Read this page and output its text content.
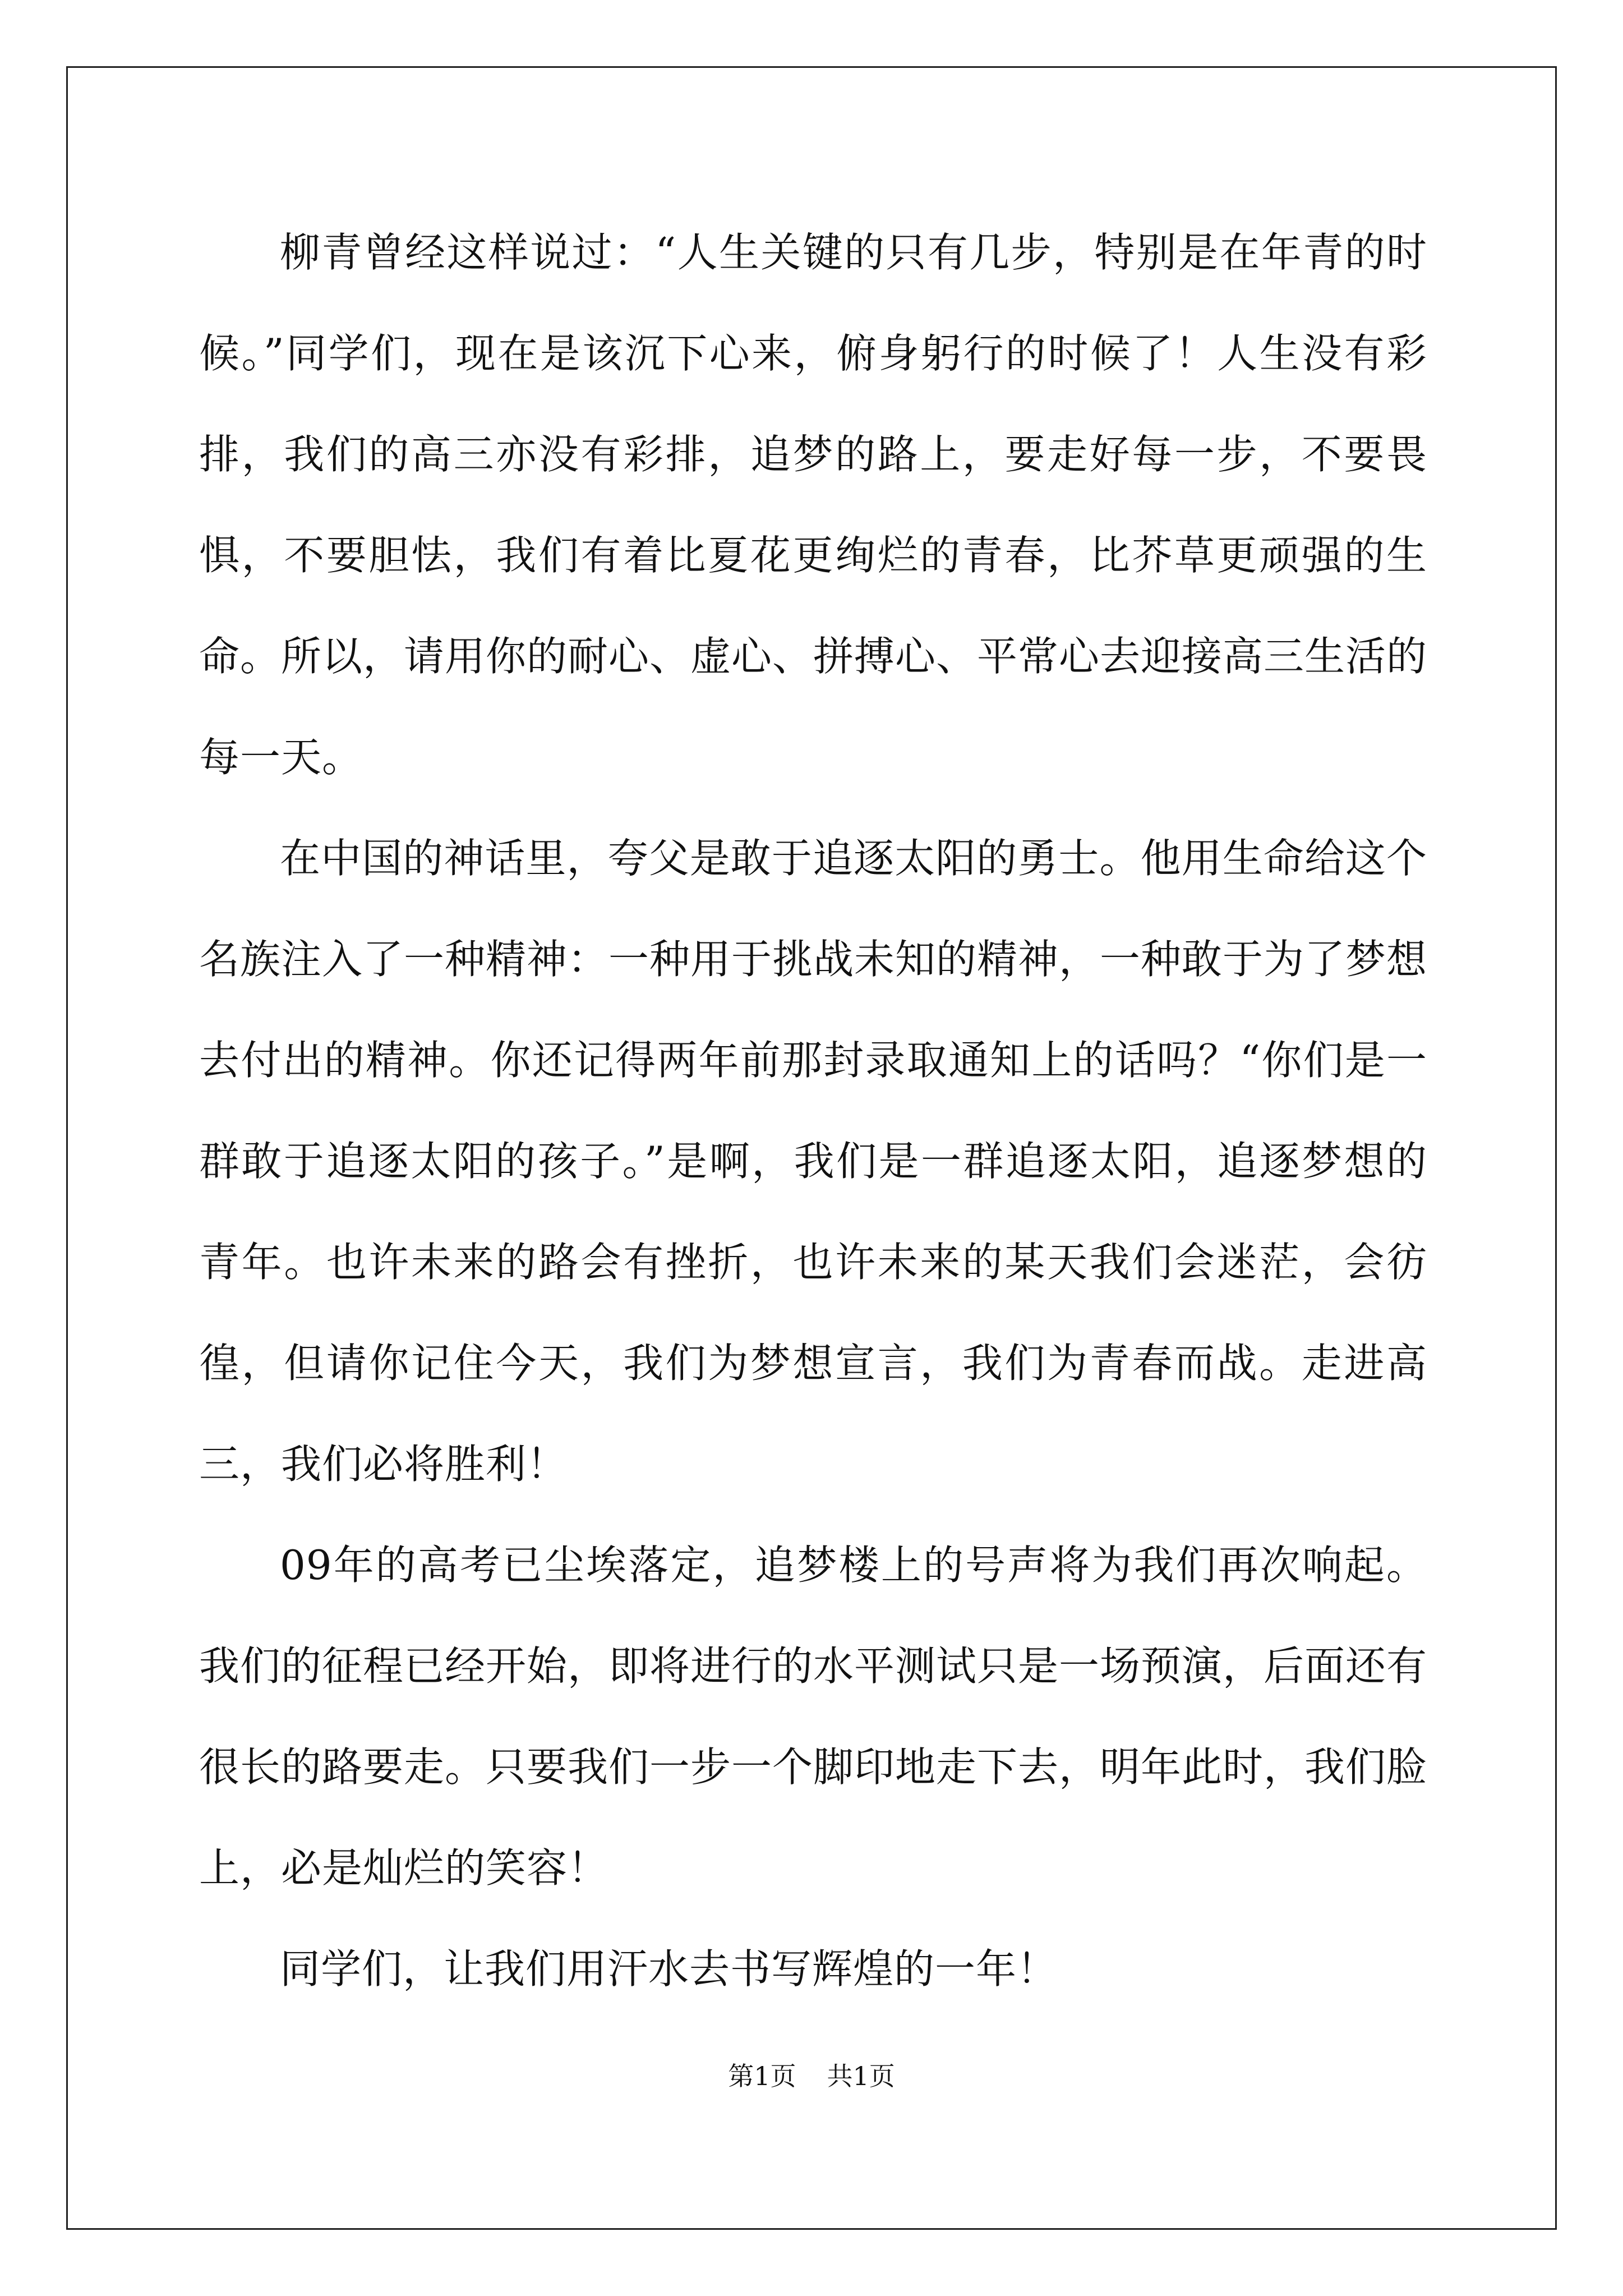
柳青曾经这样说过：“人生关键的只有几步，特别是在年青的时候。”同学们，现在是该沉下心来，俯身躬行的时候了！人生没有彩排，我们的高三亦没有彩排，追梦的路上，要走好每一步，不要畏惧，不要胆怯，我们有着比夏花更绚烂的青春，比芥草更顽强的生命。所以，请用你的耐心、虚心、拼搏心、平常心去迎接高三生活的每一天。

在中国的神话里，夸父是敢于追逐太阳的勇士。他用生命给这个名族注入了一种精神：一种用于挑战未知的精神，一种敢于为了梦想去付出的精神。你还记得两年前那封录取通知上的话吗？“你们是一群敢于追逐太阳的孩子。”是啊，我们是一群追逐太阳，追逐梦想的青年。也许未来的路会有挫折，也许未来的某天我们会迷茫，会彷徨，但请你记住今天，我们为梦想宣言，我们为青春而战。走进高三，我们必将胜利！

09年的高考已尘埃落定，追梦楼上的号声将为我们再次响起。我们的征程已经开始，即将进行的水平测试只是一场预演，后面还有很长的路要走。只要我们一步一个脚印地走下去，明年此时，我们脸上，必是灿烂的笑容！

同学们，让我们用汗水去书写辉煌的一年！

第1页 共1页
